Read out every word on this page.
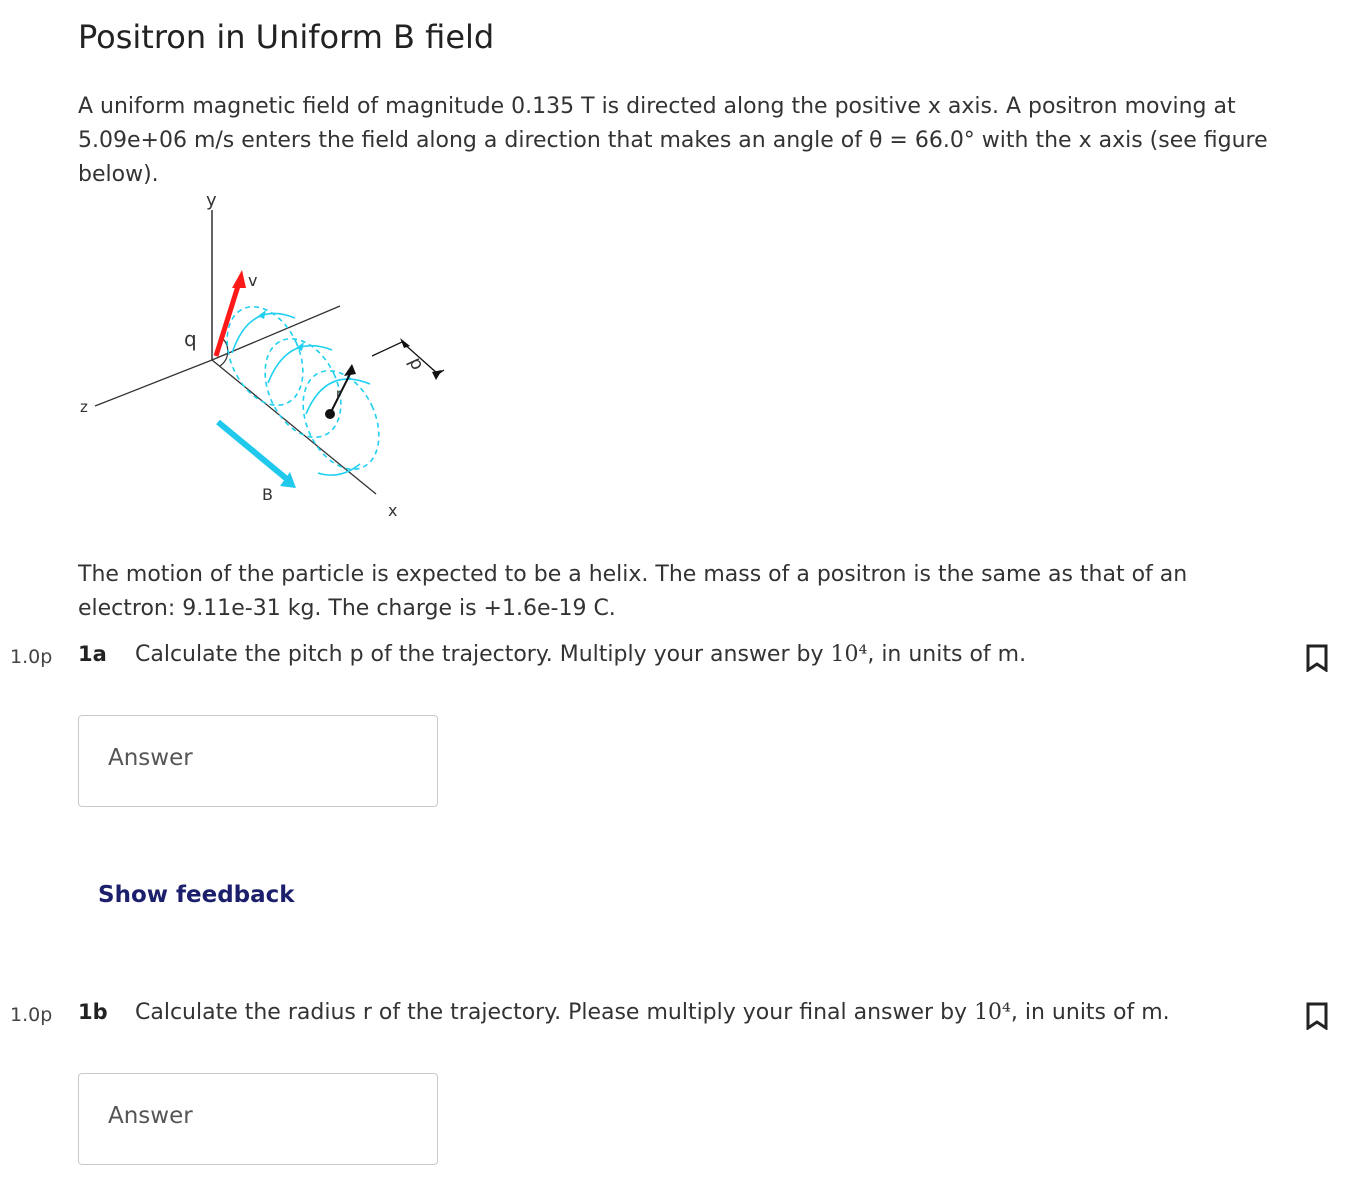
Positron in Uniform B field

A uniform magnetic field of magnitude 0.135 T is directed along the positive x axis. A positron moving at 5.09e+06 m/s enters the field along a direction that makes an angle of θ = 66.0° with the x axis (see figure below).

y
v
q
z
p
r
B
x

The motion of the particle is expected to be a helix. The mass of a positron is the same as that of an electron: 9.11e-31 kg. The charge is +1.6e-19 C.

1.0p 1a Calculate the pitch p of the trajectory. Multiply your answer by 10⁴, in units of m.
Answer

Show feedback

1.0p 1b Calculate the radius r of the trajectory. Please multiply your final answer by 10⁴, in units of m.
Answer
